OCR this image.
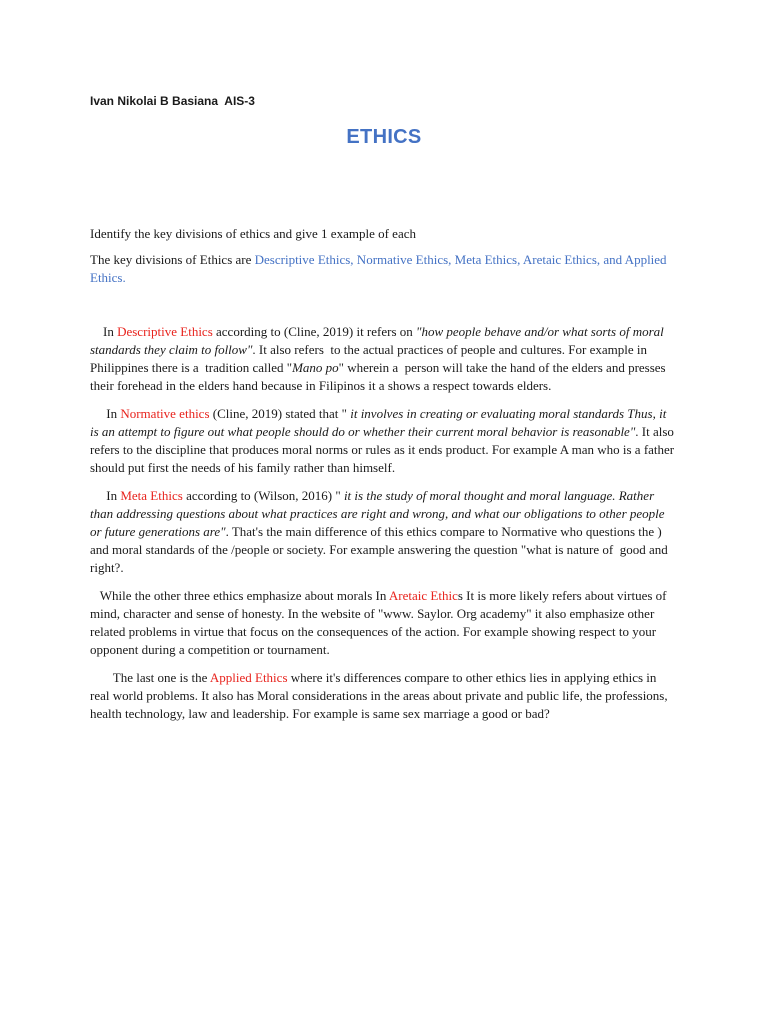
Ivan Nikolai B Basiana  AIS-3
ETHICS

Identify the key divisions of ethics and give 1 example of each

The key divisions of Ethics are Descriptive Ethics, Normative Ethics, Meta Ethics, Aretaic Ethics, and Applied Ethics.

In Descriptive Ethics according to (Cline, 2019) it refers on "how people behave and/or what sorts of moral standards they claim to follow". It also refers  to the actual practices of people and cultures. For example in Philippines there is a  tradition called "Mano po" wherein a  person will take the hand of the elders and presses their forehead in the elders hand because in Filipinos it a shows a respect towards elders.

In Normative ethics (Cline, 2019) stated that " it involves in creating or evaluating moral standards Thus, it is an attempt to figure out what people should do or whether their current moral behavior is reasonable". It also refers to the discipline that produces moral norms or rules as it ends product. For example A man who is a father should put first the needs of his family rather than himself.

In Meta Ethics according to (Wilson, 2016) " it is the study of moral thought and moral language. Rather than addressing questions about what practices are right and wrong, and what our obligations to other people or future generations are". That's the main difference of this ethics compare to Normative who questions the ) and moral standards of the /people or society. For example answering the question "what is nature of  good and right?.

While the other three ethics emphasize about morals In Aretaic Ethics It is more likely refers about virtues of mind, character and sense of honesty. In the website of "www. Saylor. Org academy" it also emphasize other related problems in virtue that focus on the consequences of the action. For example showing respect to your opponent during a competition or tournament.

The last one is the Applied Ethics where it's differences compare to other ethics lies in applying ethics in real world problems. It also has Moral considerations in the areas about private and public life, the professions, health technology, law and leadership. For example is same sex marriage a good or bad?
